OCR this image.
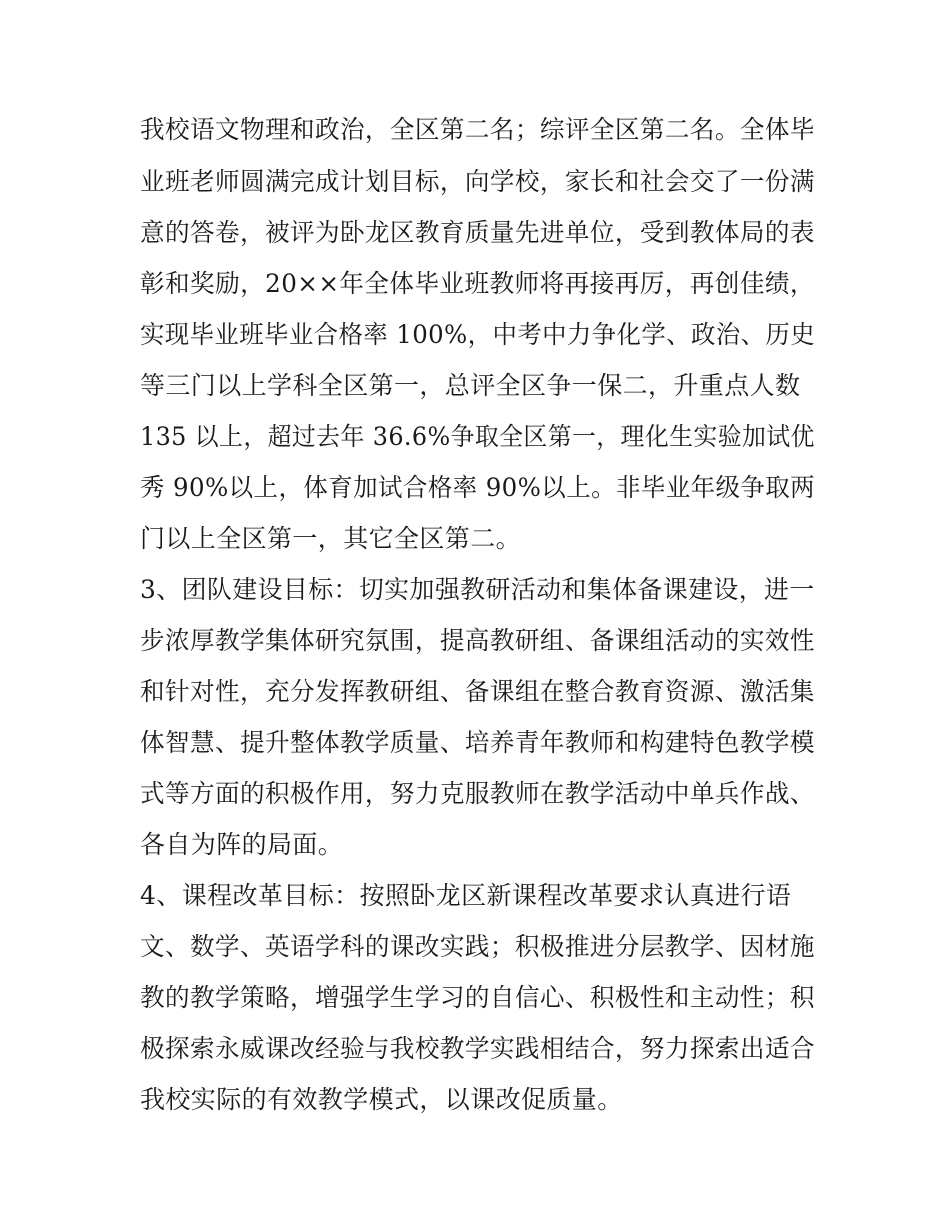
我校语文物理和政治，全区第二名；综评全区第二名。全体毕
业班老师圆满完成计划目标，向学校，家长和社会交了一份满
意的答卷，被评为卧龙区教育质量先进单位，受到教体局的表
彰和奖励，20××年全体毕业班教师将再接再厉，再创佳绩，
实现毕业班毕业合格率 100%，中考中力争化学、政治、历史
等三门以上学科全区第一，总评全区争一保二，升重点人数
135 以上，超过去年 36.6%争取全区第一，理化生实验加试优
秀 90%以上，体育加试合格率 90%以上。非毕业年级争取两
门以上全区第一，其它全区第二。
3、团队建设目标：切实加强教研活动和集体备课建设，进一
步浓厚教学集体研究氛围，提高教研组、备课组活动的实效性
和针对性，充分发挥教研组、备课组在整合教育资源、激活集
体智慧、提升整体教学质量、培养青年教师和构建特色教学模
式等方面的积极作用，努力克服教师在教学活动中单兵作战、
各自为阵的局面。
4、课程改革目标：按照卧龙区新课程改革要求认真进行语
文、数学、英语学科的课改实践；积极推进分层教学、因材施
教的教学策略，增强学生学习的自信心、积极性和主动性；积
极探索永威课改经验与我校教学实践相结合，努力探索出适合
我校实际的有效教学模式，以课改促质量。
